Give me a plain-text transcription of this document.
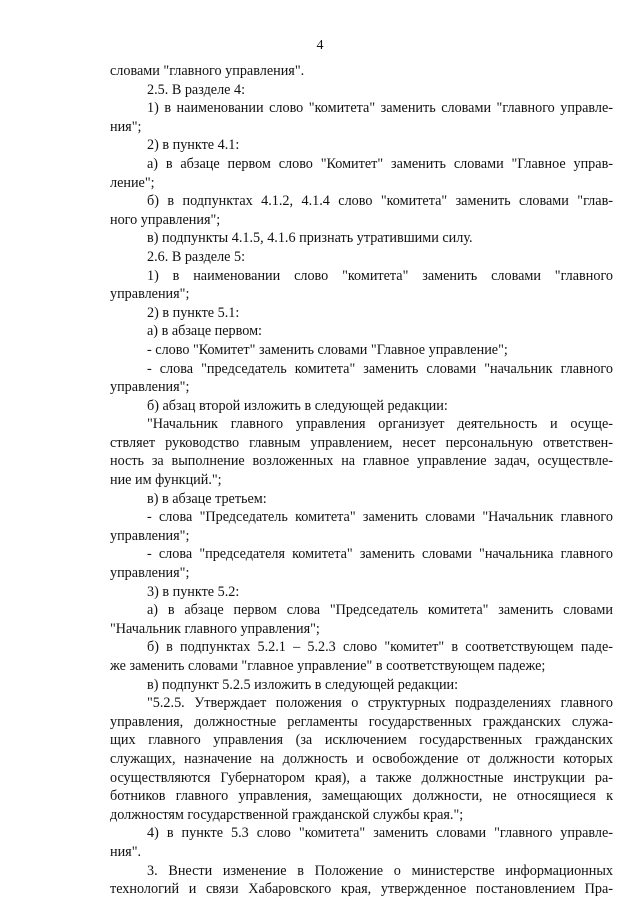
4
словами "главного управления".
2.5. В разделе 4:
1) в наименовании слово "комитета" заменить словами "главного управле-
ния";
2) в пункте 4.1:
а) в абзаце первом слово "Комитет" заменить словами "Главное управ-
ление";
б) в подпунктах 4.1.2, 4.1.4 слово "комитета" заменить словами "глав-
ного управления";
в) подпункты 4.1.5, 4.1.6 признать утратившими силу.
2.6. В разделе 5:
1) в наименовании слово "комитета" заменить словами "главного
управления";
2) в пункте 5.1:
а) в абзаце первом:
- слово "Комитет" заменить словами "Главное управление";
- слова "председатель комитета" заменить словами "начальник главного
управления";
б) абзац второй изложить в следующей редакции:
"Начальник главного управления организует деятельность и осуще-
ствляет руководство главным управлением, несет персональную ответствен-
ность за выполнение возложенных на главное управление задач, осуществле-
ние им функций.";
в) в абзаце третьем:
- слова "Председатель комитета" заменить словами "Начальник главного
управления";
- слова "председателя комитета" заменить словами "начальника главного
управления";
3) в пункте 5.2:
а) в абзаце первом слова "Председатель комитета" заменить словами
"Начальник главного управления";
б) в подпунктах 5.2.1 – 5.2.3 слово "комитет" в соответствующем паде-
же заменить словами "главное управление" в соответствующем падеже;
в) подпункт 5.2.5 изложить в следующей редакции:
"5.2.5. Утверждает положения о структурных подразделениях главного
управления, должностные регламенты государственных гражданских служа-
щих главного управления (за исключением государственных гражданских
служащих, назначение на должность и освобождение от должности которых
осуществляются Губернатором края), а также должностные инструкции ра-
ботников главного управления, замещающих должности, не относящиеся к
должностям государственной гражданской службы края.";
4) в пункте 5.3 слово "комитета" заменить словами "главного управле-
ния".
3. Внести изменение в Положение о министерстве информационных
технологий и связи Хабаровского края, утвержденное постановлением Пра-
